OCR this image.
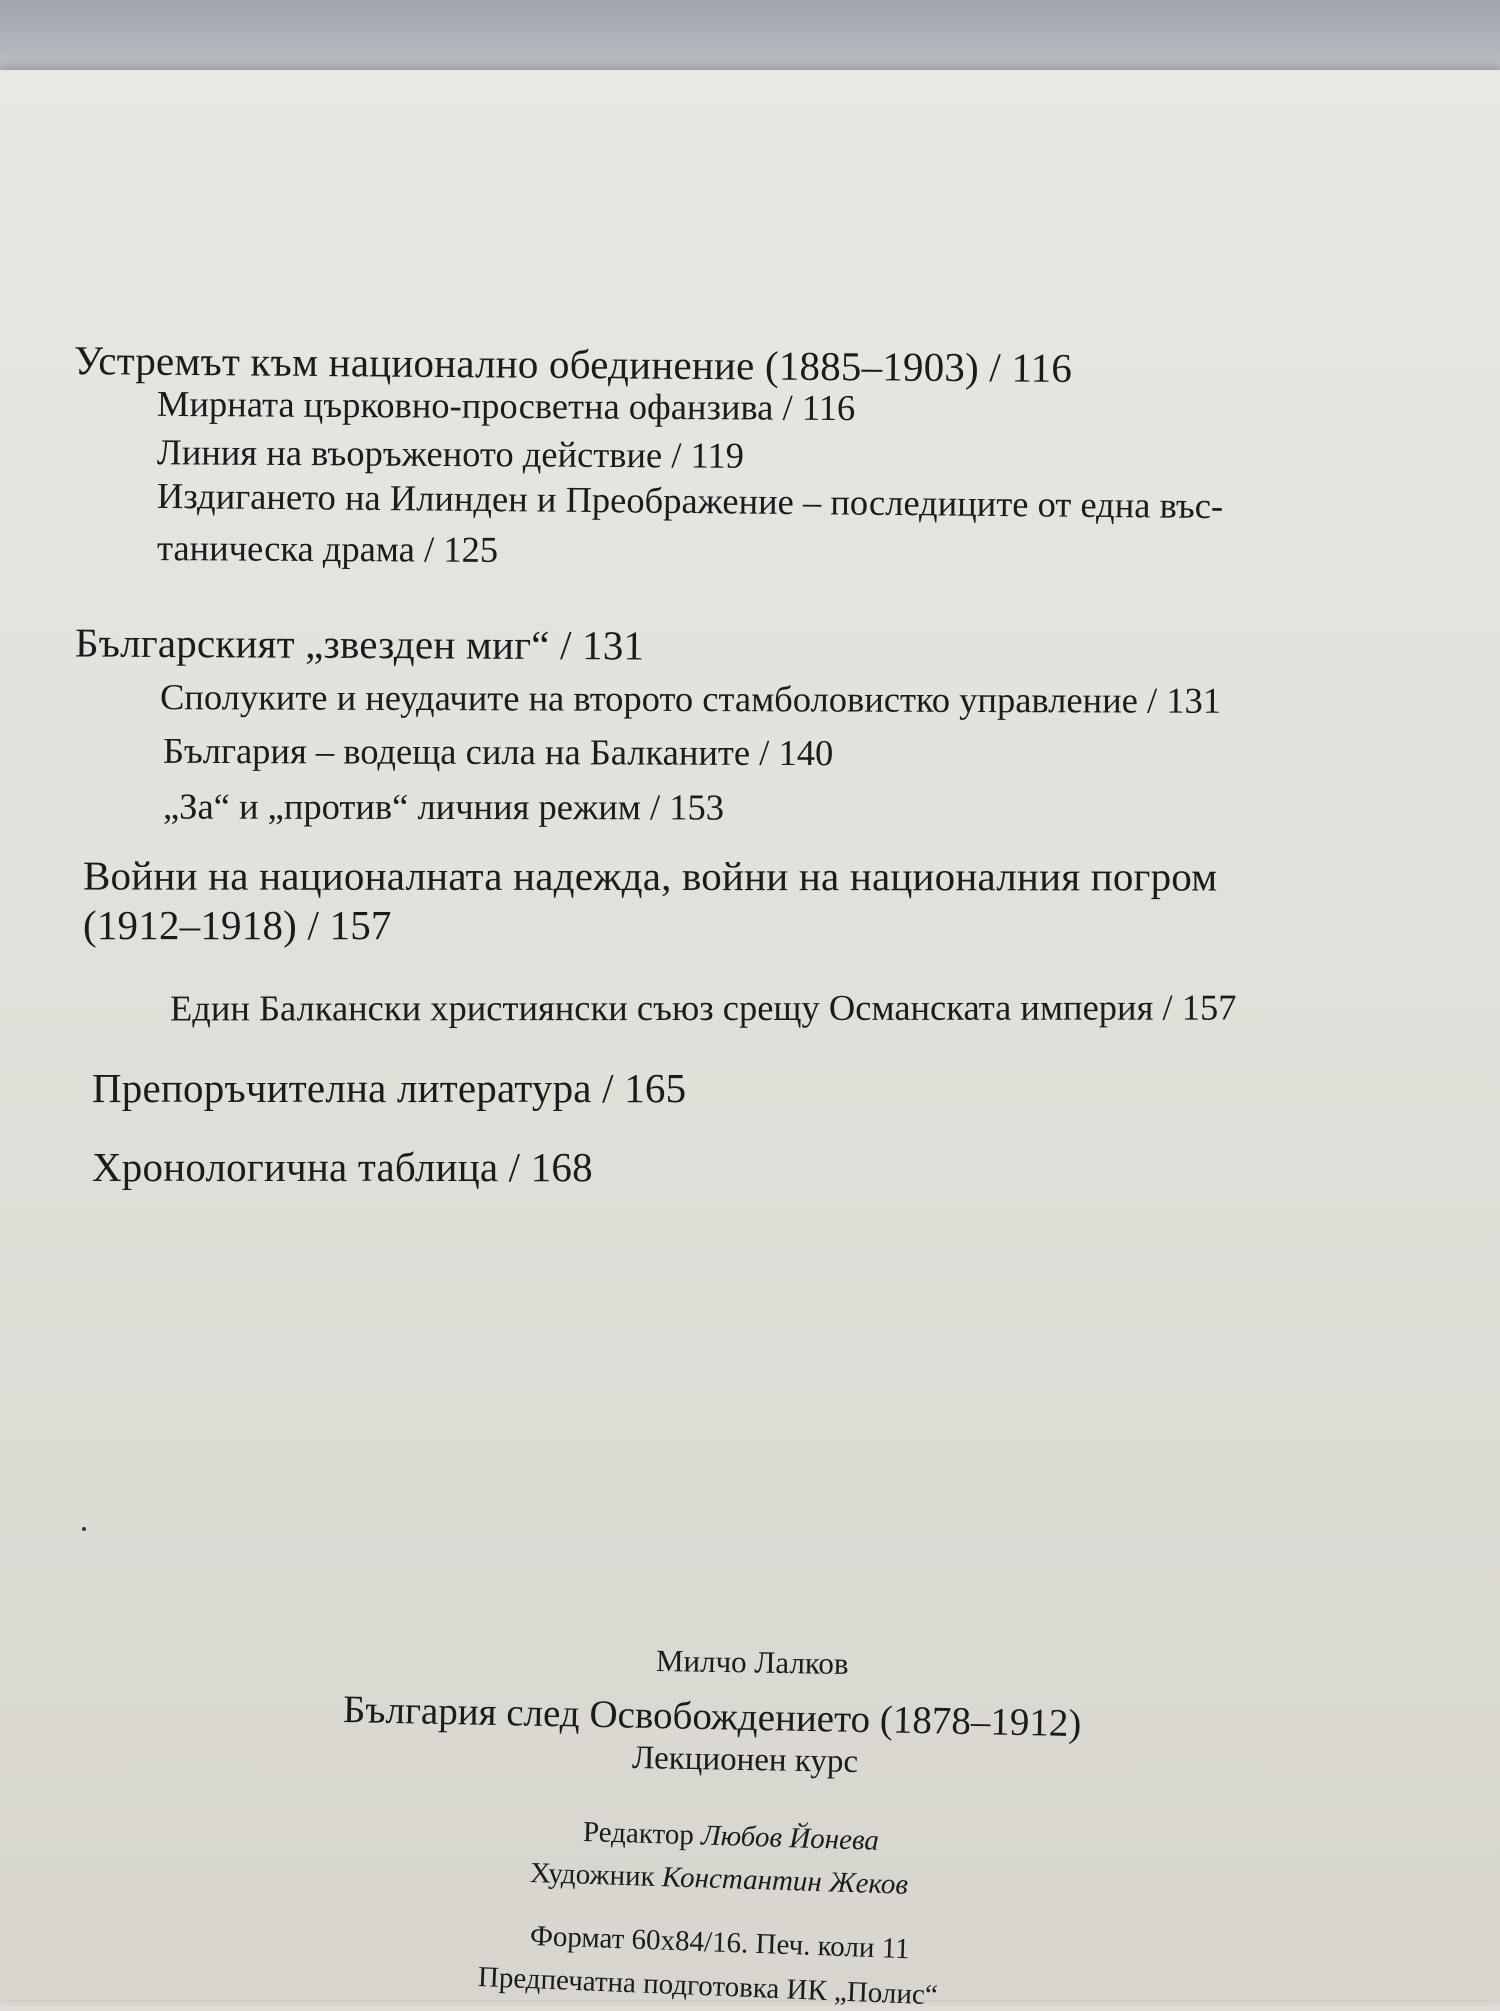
Устремът към национално обединение (1885–1903) / 116
Мирната църковно-просветна офанзива / 116
Линия на въоръженото действие / 119
Издигането на Илинден и Преображение – последиците от една въс-
таническа драма / 125
Българският „звезден миг“ / 131
Сполуките и неудачите на второто стамболовистко управление / 131
България – водеща сила на Балканите / 140
„За“ и „против“ личния режим / 153
Войни на националната надежда, войни на националния погром
(1912–1918) / 157
Един Балкански християнски съюз срещу Османската империя / 157
Препоръчителна литература / 165
Хронологична таблица / 168
Милчо Лалков
България след Освобождението (1878–1912)
Лекционен курс
Редактор Любов Йонева
Художник Константин Жеков
Формат 60x84/16. Печ. коли 11
Предпечатна подготовка ИК „Полис“
